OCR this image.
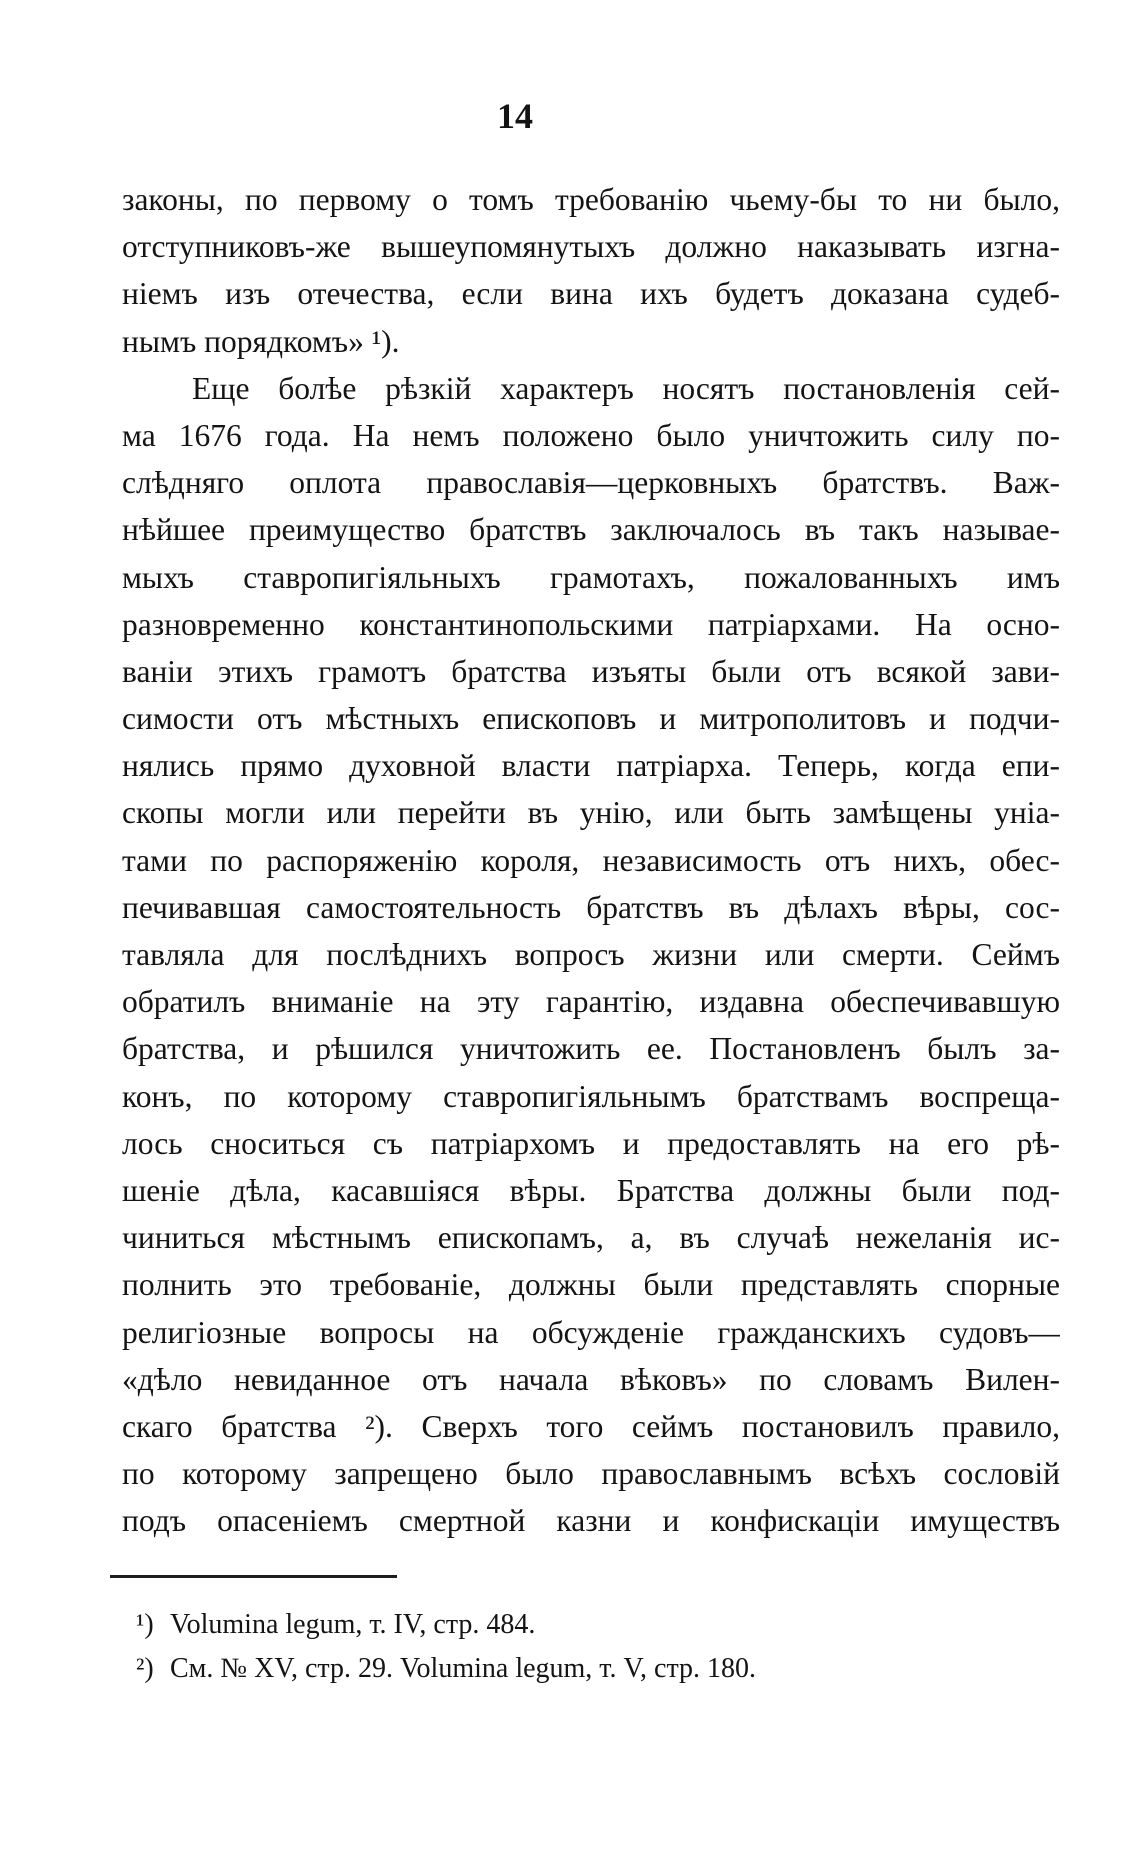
14
законы, по первому о томъ требованію чьему-бы то ни было,
отступниковъ-же вышеупомянутыхъ должно наказывать изгна-
ніемъ изъ отечества, если вина ихъ будетъ доказана судеб-
нымъ порядкомъ» ¹).
Еще болѣе рѣзкій характеръ носятъ постановленія сей-
ма 1676 года. На немъ положено было уничтожить силу по-
слѣдняго оплота православія—церковныхъ братствъ. Важ-
нѣйшее преимущество братствъ заключалось въ такъ называе-
мыхъ ставропигіяльныхъ грамотахъ, пожалованныхъ имъ
разновременно константинопольскими патріархами. На осно-
ваніи этихъ грамотъ братства изъяты были отъ всякой зави-
симости отъ мѣстныхъ епископовъ и митрополитовъ и подчи-
нялись прямо духовной власти патріарха. Теперь, когда епи-
скопы могли или перейти въ унію, или быть замѣщены уніа-
тами по распоряженію короля, независимость отъ нихъ, обес-
печивавшая самостоятельность братствъ въ дѣлахъ вѣры, сос-
тавляла для послѣднихъ вопросъ жизни или смерти. Сеймъ
обратилъ вниманіе на эту гарантію, издавна обеспечивавшую
братства, и рѣшился уничтожить ее. Постановленъ былъ за-
конъ, по которому ставропигіяльнымъ братствамъ воспреща-
лось сноситься съ патріархомъ и предоставлять на его рѣ-
шеніе дѣла, касавшіяся вѣры. Братства должны были под-
чиниться мѣстнымъ епископамъ, а, въ случаѣ нежеланія ис-
полнить это требованіе, должны были представлять спорные
религіозные вопросы на обсужденіе гражданскихъ судовъ—
«дѣло невиданное отъ начала вѣковъ» по словамъ Вилен-
скаго братства ²). Сверхъ того сеймъ постановилъ правило,
по которому запрещено было православнымъ всѣхъ сословій
подъ опасеніемъ смертной казни и конфискаціи имуществъ
¹) Volumina legum, т. IV, стр. 484.
²) См. № XV, стр. 29. Volumina legum, т. V, стр. 180.
